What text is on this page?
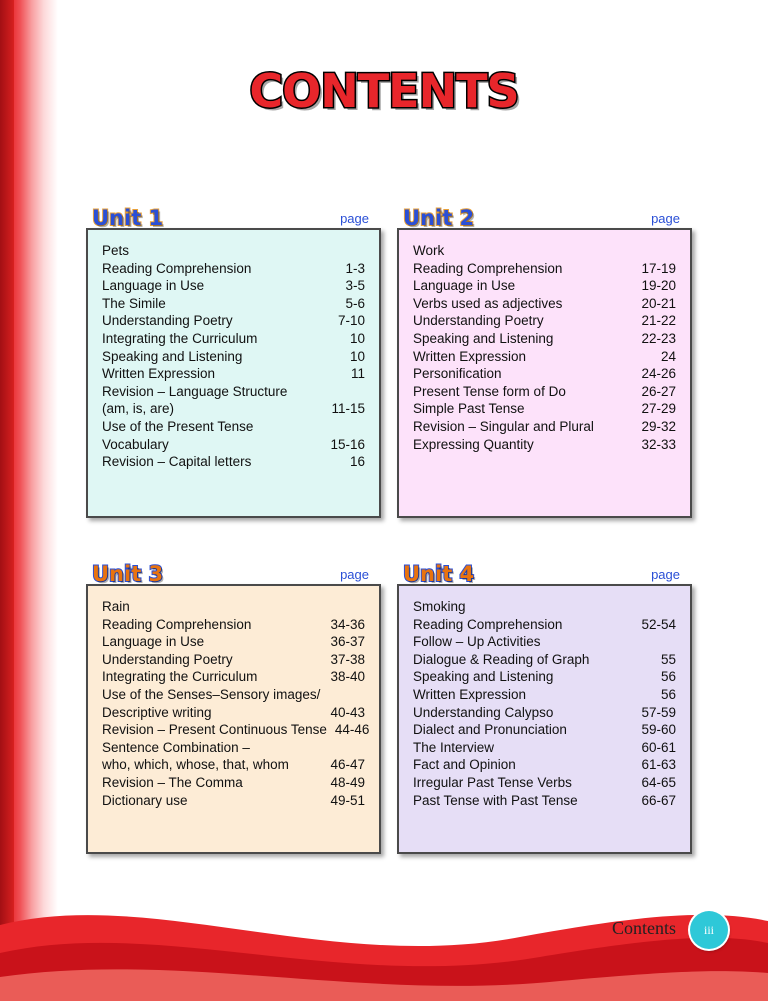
CONTENTS
Unit 1	page
Pets
Reading Comprehension	1-3
Language in Use	3-5
The Simile	5-6
Understanding Poetry	7-10
Integrating the Curriculum	10
Speaking and Listening	10
Written Expression	11
Revision – Language Structure
(am, is, are)	11-15
Use of the Present Tense
Vocabulary	15-16
Revision – Capital letters	16
Unit 2	page
Work
Reading Comprehension	17-19
Language in Use	19-20
Verbs used as adjectives	20-21
Understanding Poetry	21-22
Speaking and Listening	22-23
Written Expression	24
Personification	24-26
Present Tense form of Do	26-27
Simple Past Tense	27-29
Revision – Singular and Plural	29-32
Expressing Quantity	32-33
Unit 3	page
Rain
Reading Comprehension	34-36
Language in Use	36-37
Understanding Poetry	37-38
Integrating the Curriculum	38-40
Use of the Senses–Sensory images/
Descriptive writing	40-43
Revision – Present Continuous Tense 44-46
Sentence Combination –
who, which, whose, that, whom	46-47
Revision – The Comma	48-49
Dictionary use	49-51
Unit 4	page
Smoking
Reading Comprehension	52-54
Follow – Up Activities
Dialogue & Reading of Graph	55
Speaking and Listening	56
Written Expression	56
Understanding Calypso	57-59
Dialect and Pronunciation	59-60
The Interview	60-61
Fact and Opinion	61-63
Irregular Past Tense Verbs	64-65
Past Tense with Past Tense	66-67
Contents	iii
